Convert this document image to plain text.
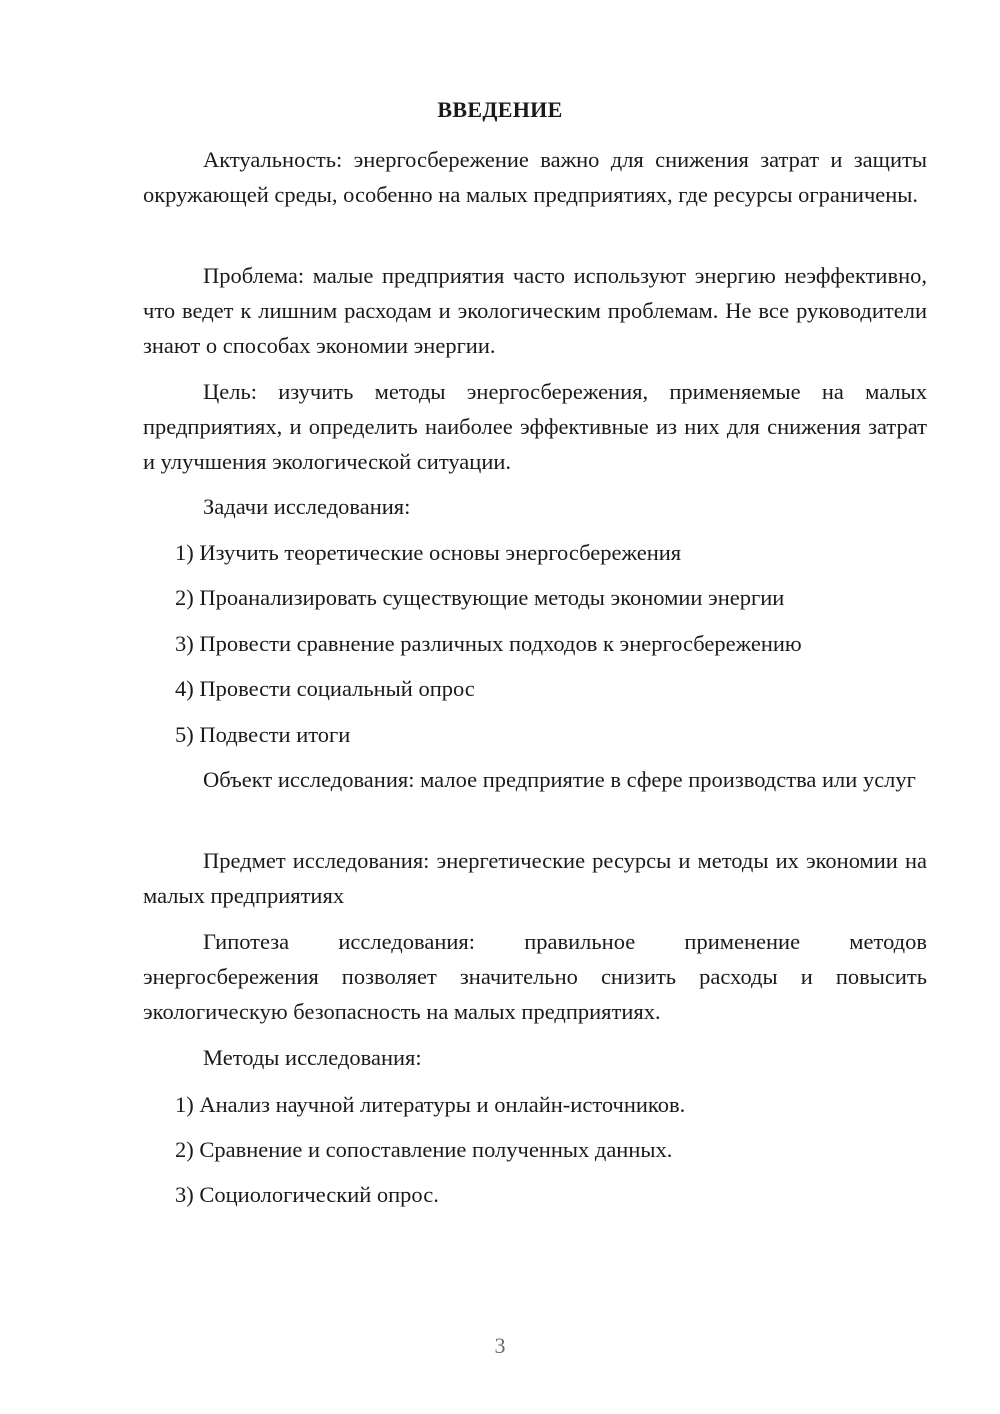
ВВЕДЕНИЕ
Актуальность: энергосбережение важно для снижения затрат и защиты окружающей среды, особенно на малых предприятиях, где ресурсы ограничены.
Проблема: малые предприятия часто используют энергию неэффективно, что ведет к лишним расходам и экологическим проблемам. Не все руководители знают о способах экономии энергии.
Цель: изучить методы энергосбережения, применяемые на малых предприятиях, и определить наиболее эффективные из них для снижения затрат и улучшения экологической ситуации.
Задачи исследования:
1) Изучить теоретические основы энергосбережения
2) Проанализировать существующие методы экономии энергии
3) Провести сравнение различных подходов к энергосбережению
4) Провести социальный опрос
5) Подвести итоги
Объект исследования: малое предприятие в сфере производства или услуг
Предмет исследования: энергетические ресурсы и методы их экономии на малых предприятиях
Гипотеза исследования: правильное применение методов энергосбережения позволяет значительно снизить расходы и повысить экологическую безопасность на малых предприятиях.
Методы исследования:
1) Анализ научной литературы и онлайн-источников.
2) Сравнение и сопоставление полученных данных.
3) Социологический опрос.
3
